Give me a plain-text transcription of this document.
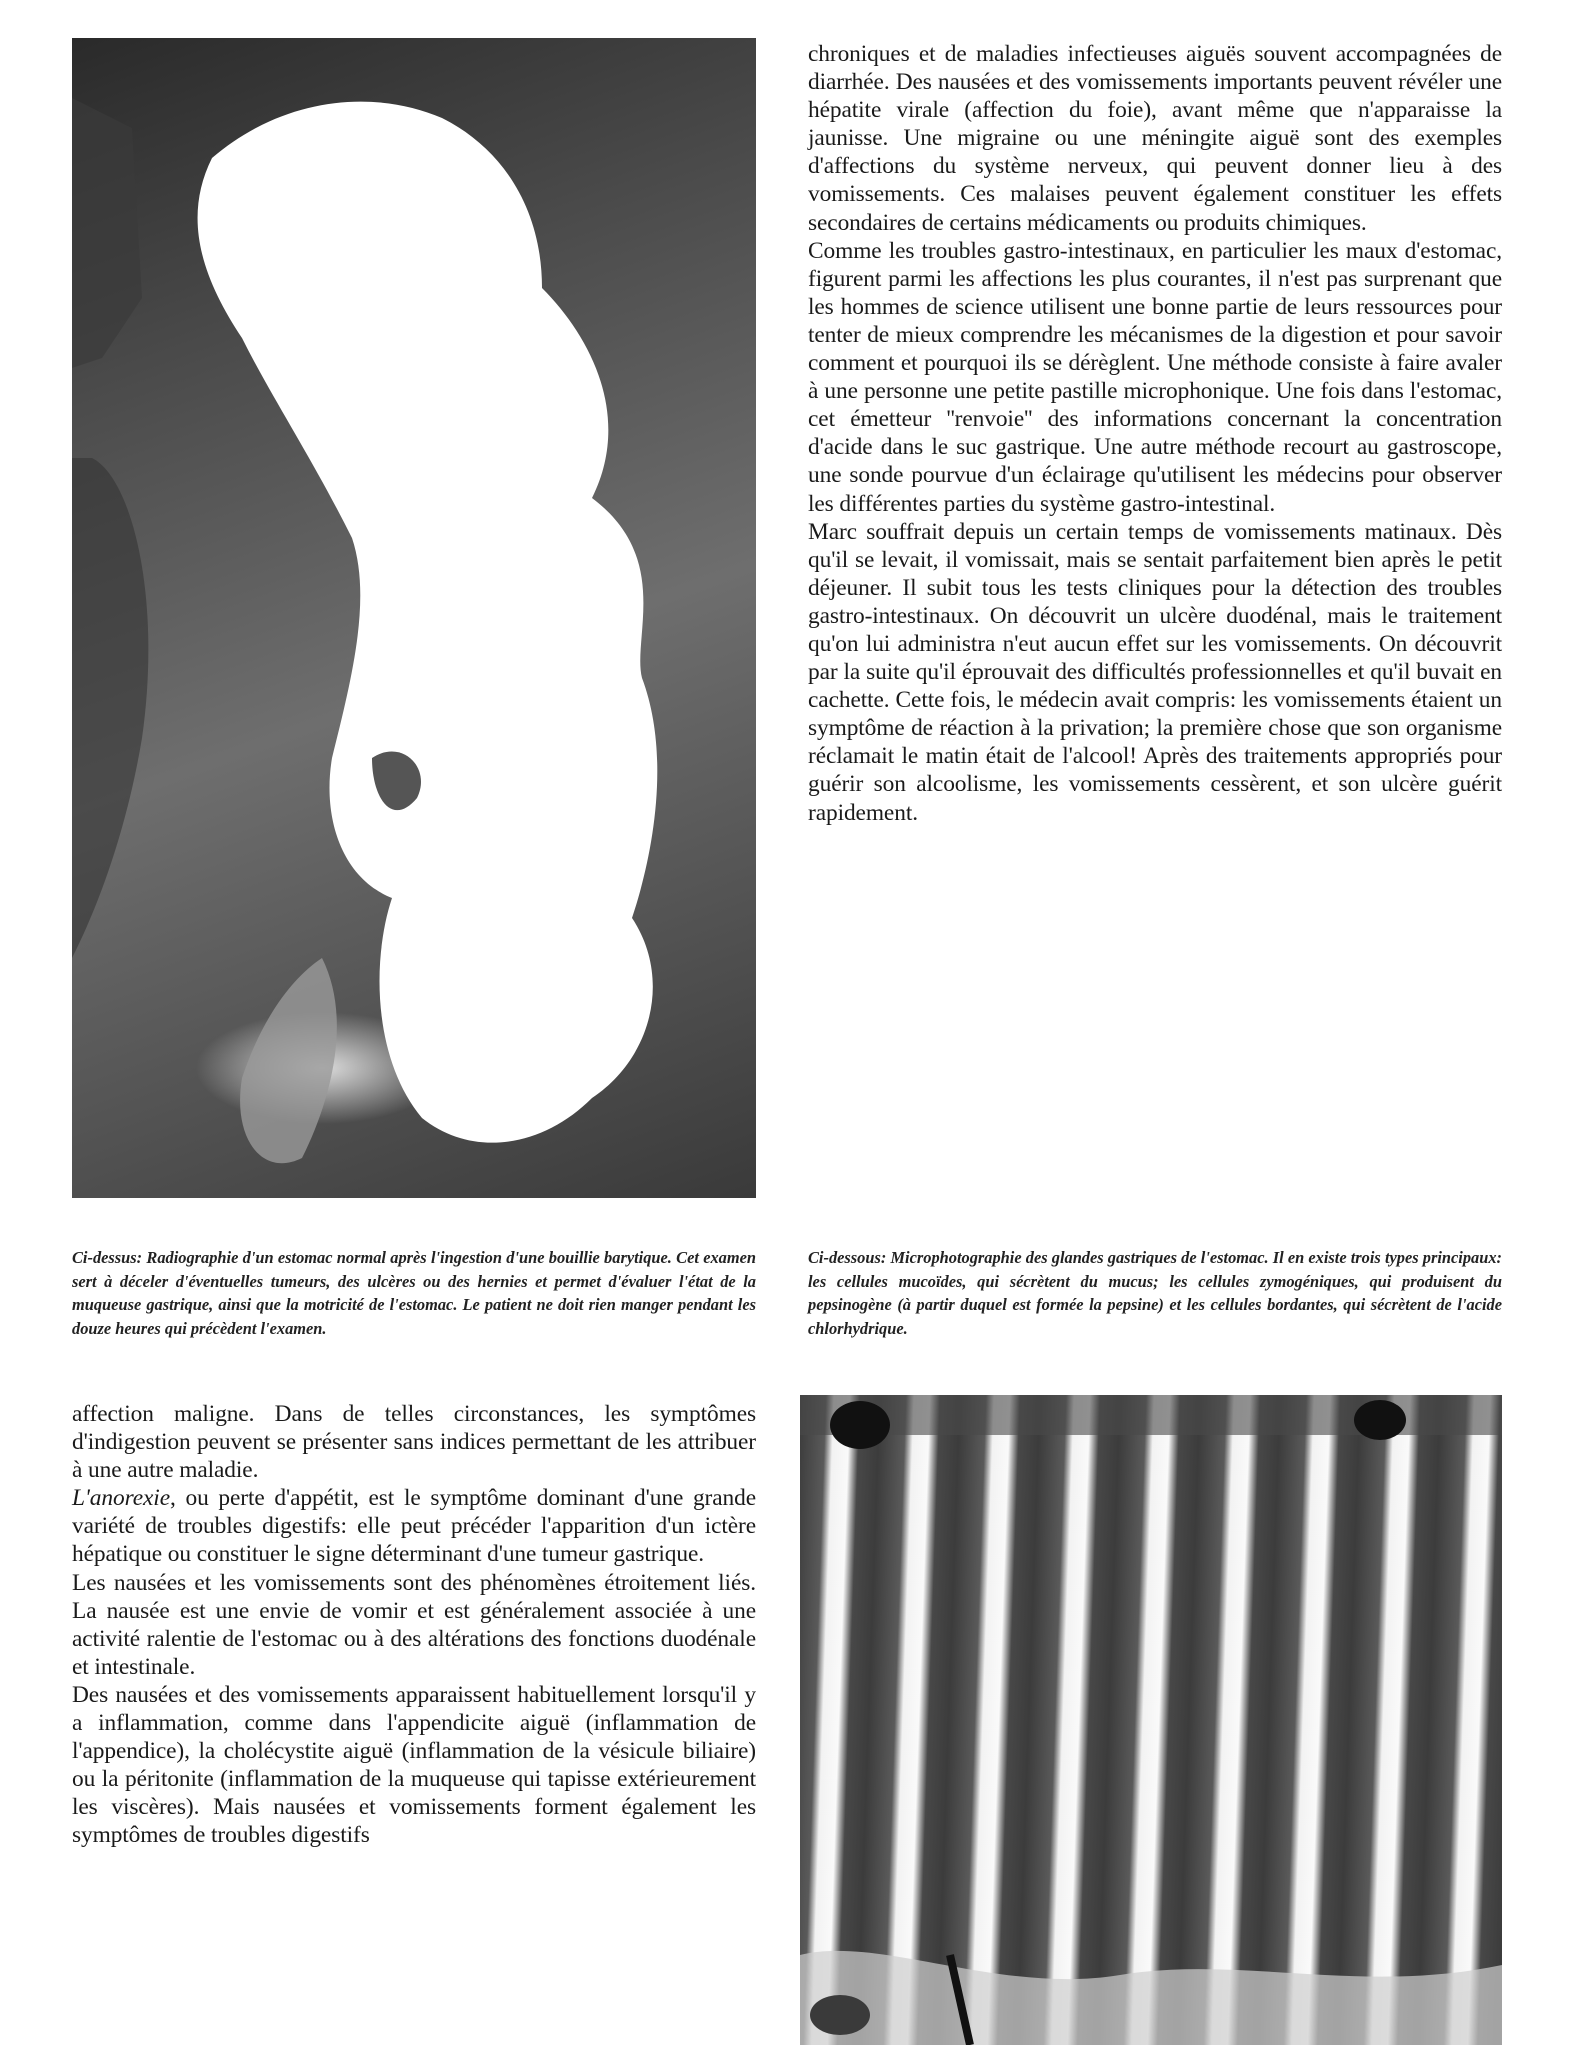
chroniques et de maladies infectieuses aiguës souvent accompagnées de diarrhée. Des nausées et des vomissements importants peuvent révéler une hépatite virale (affection du foie), avant même que n'apparaisse la jaunisse. Une migraine ou une méningite aiguë sont des exemples d'affections du système nerveux, qui peuvent donner lieu à des vomissements. Ces malaises peuvent également constituer les effets secondaires de certains médicaments ou produits chimiques.

Comme les troubles gastro-intestinaux, en particulier les maux d'estomac, figurent parmi les affections les plus courantes, il n'est pas surprenant que les hommes de science utilisent une bonne partie de leurs ressources pour tenter de mieux comprendre les mécanismes de la digestion et pour savoir comment et pourquoi ils se dérèglent. Une méthode consiste à faire avaler à une personne une petite pastille microphonique. Une fois dans l'estomac, cet émetteur ''renvoie'' des informations concernant la concentration d'acide dans le suc gastrique. Une autre méthode recourt au gastroscope, une sonde pourvue d'un éclairage qu'utilisent les médecins pour observer les différentes parties du système gastro-intestinal.

Marc souffrait depuis un certain temps de vomissements matinaux. Dès qu'il se levait, il vomissait, mais se sentait parfaitement bien après le petit déjeuner. Il subit tous les tests cliniques pour la détection des troubles gastro-intestinaux. On découvrit un ulcère duodénal, mais le traitement qu'on lui administra n'eut aucun effet sur les vomissements. On découvrit par la suite qu'il éprouvait des difficultés professionnelles et qu'il buvait en cachette. Cette fois, le médecin avait compris: les vomissements étaient un symptôme de réaction à la privation; la première chose que son organisme réclamait le matin était de l'alcool! Après des traitements appropriés pour guérir son alcoolisme, les vomissements cessèrent, et son ulcère guérit rapidement.

Ci-dessus: Radiographie d'un estomac normal après l'ingestion d'une bouillie barytique. Cet examen sert à déceler d'éventuelles tumeurs, des ulcères ou des hernies et permet d'évaluer l'état de la muqueuse gastrique, ainsi que la motricité de l'estomac. Le patient ne doit rien manger pendant les douze heures qui précèdent l'examen.
Ci-dessous: Microphotographie des glandes gastriques de l'estomac. Il en existe trois types principaux: les cellules mucoïdes, qui sécrètent du mucus; les cellules zymogéniques, qui produisent du pepsinogène (à partir duquel est formée la pepsine) et les cellules bordantes, qui sécrètent de l'acide chlorhydrique.

affection maligne. Dans de telles circonstances, les symptômes d'indigestion peuvent se présenter sans indices permettant de les attribuer à une autre maladie.

L'anorexie, ou perte d'appétit, est le symptôme dominant d'une grande variété de troubles digestifs: elle peut précéder l'apparition d'un ictère hépatique ou constituer le signe déterminant d'une tumeur gastrique.

Les nausées et les vomissements sont des phénomènes étroitement liés. La nausée est une envie de vomir et est généralement associée à une activité ralentie de l'estomac ou à des altérations des fonctions duodénale et intestinale.

Des nausées et des vomissements apparaissent habituellement lorsqu'il y a inflammation, comme dans l'appendicite aiguë (inflammation de l'appendice), la cholécystite aiguë (inflammation de la vésicule biliaire) ou la péritonite (inflammation de la muqueuse qui tapisse extérieurement les viscères). Mais nausées et vomissements forment également les symptômes de troubles digestifs
